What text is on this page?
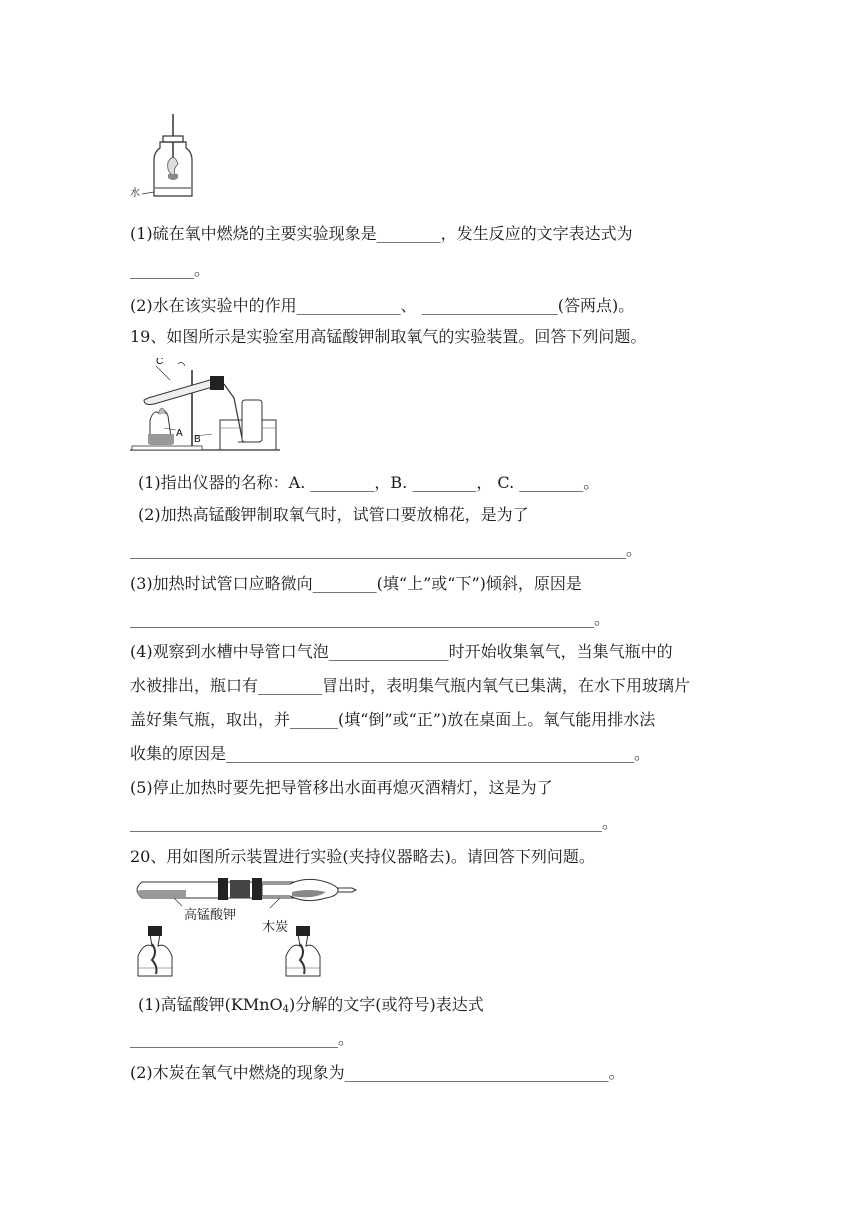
水
(1)硫在氧中燃烧的主要实验现象是________，发生反应的文字表达式为
________。
(2)水在该实验中的作用_____________、 _________________(答两点)。
19、如图所示是实验室用高锰酸钾制取氧气的实验装置。回答下列问题。
C
A
B
(1)指出仪器的名称：A. ________，B. ________， C. ________。
(2)加热高锰酸钾制取氧气时，试管口要放棉花，是为了
______________________________________________________________。
(3)加热时试管口应略微向________(填“上”或“下”)倾斜，原因是
__________________________________________________________。
(4)观察到水槽中导管口气泡_______________时开始收集氧气，当集气瓶中的
水被排出，瓶口有________冒出时，表明集气瓶内氧气已集满，在水下用玻璃片
盖好集气瓶，取出，并______(填“倒”或“正”)放在桌面上。氧气能用排水法
收集的原因是___________________________________________________。
(5)停止加热时要先把导管移出水面再熄灭酒精灯，这是为了
___________________________________________________________。
20、用如图所示装置进行实验(夹持仪器略去)。请回答下列问题。
高锰酸钾
木炭
(1)高锰酸钾(KMnO$_4$)分解的文字(或符号)表达式
__________________________。
(2)木炭在氧气中燃烧的现象为_________________________________。
